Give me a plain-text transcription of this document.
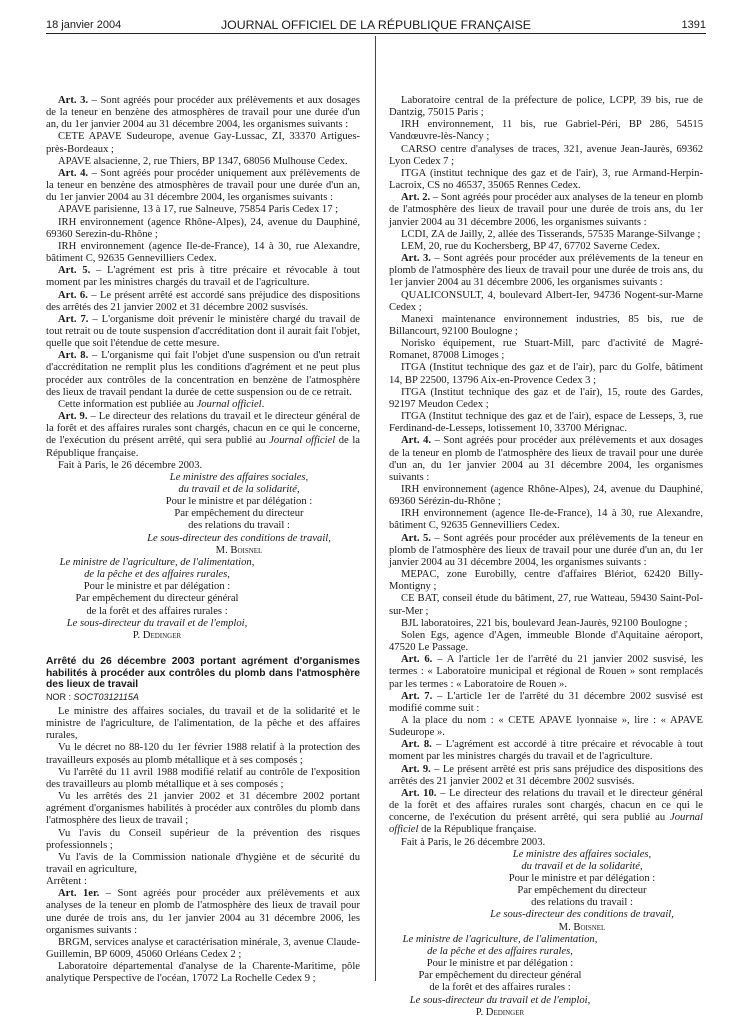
18 janvier 2004	JOURNAL OFFICIEL DE LA RÉPUBLIQUE FRANÇAISE	1391

Art. 3. – Sont agréés pour procéder aux prélèvements et aux dosages de la teneur en benzène des atmosphères de travail pour une durée d'un an, du 1er janvier 2004 au 31 décembre 2004, les organismes suivants :

CETE APAVE Sudeurope, avenue Gay-Lussac, ZI, 33370 Artigues-près-Bordeaux ;

APAVE alsacienne, 2, rue Thiers, BP 1347, 68056 Mulhouse Cedex.

Art. 4. – Sont agréés pour procéder uniquement aux prélèvements de la teneur en benzène des atmosphères de travail pour une durée d'un an, du 1er janvier 2004 au 31 décembre 2004, les organismes suivants :

APAVE parisienne, 13 à 17, rue Salneuve, 75854 Paris Cedex 17 ;

IRH environnement (agence Rhône-Alpes), 24, avenue du Dauphiné, 69360 Serezin-du-Rhône ;

IRH environnement (agence Ile-de-France), 14 à 30, rue Alexandre, bâtiment C, 92635 Gennevilliers Cedex.

Art. 5. – L'agrément est pris à titre précaire et révocable à tout moment par les ministres chargés du travail et de l'agriculture.

Art. 6. – Le présent arrêté est accordé sans préjudice des dispositions des arrêtés des 21 janvier 2002 et 31 décembre 2002 susvisés.

Art. 7. – L'organisme doit prévenir le ministère chargé du travail de tout retrait ou de toute suspension d'accréditation dont il aurait fait l'objet, quelle que soit l'étendue de cette mesure.

Art. 8. – L'organisme qui fait l'objet d'une suspension ou d'un retrait d'accréditation ne remplit plus les conditions d'agrément et ne peut plus procéder aux contrôles de la concentration en benzène de l'atmosphère des lieux de travail pendant la durée de cette suspension ou de ce retrait.

Cette information est publiée au Journal officiel.

Art. 9. – Le directeur des relations du travail et le directeur général de la forêt et des affaires rurales sont chargés, chacun en ce qui le concerne, de l'exécution du présent arrêté, qui sera publié au Journal officiel de la République française.

Fait à Paris, le 26 décembre 2003.

Le ministre des affaires sociales,
du travail et de la solidarité,
Pour le ministre et par délégation :
Par empêchement du directeur
des relations du travail :
Le sous-directeur des conditions de travail,
M. Boisnel
Le ministre de l'agriculture, de l'alimentation,
de la pêche et des affaires rurales,
Pour le ministre et par délégation :
Par empêchement du directeur général
de la forêt et des affaires rurales :
Le sous-directeur du travail et de l'emploi,
P. Dedinger

Arrêté du 26 décembre 2003 portant agrément d'organismes habilités à procéder aux contrôles du plomb dans l'atmosphère des lieux de travail

NOR : SOCT0312115A

Le ministre des affaires sociales, du travail et de la solidarité et le ministre de l'agriculture, de l'alimentation, de la pêche et des affaires rurales,

Vu le décret no 88-120 du 1er février 1988 relatif à la protection des travailleurs exposés au plomb métallique et à ses composés ;

Vu l'arrêté du 11 avril 1988 modifié relatif au contrôle de l'exposition des travailleurs au plomb métallique et à ses composés ;

Vu les arrêtés des 21 janvier 2002 et 31 décembre 2002 portant agrément d'organismes habilités à procéder aux contrôles du plomb dans l'atmosphère des lieux de travail ;

Vu l'avis du Conseil supérieur de la prévention des risques professionnels ;

Vu l'avis de la Commission nationale d'hygiène et de sécurité du travail en agriculture,

Arrêtent :

Art. 1er. – Sont agréés pour procéder aux prélèvements et aux analyses de la teneur en plomb de l'atmosphère des lieux de travail pour une durée de trois ans, du 1er janvier 2004 au 31 décembre 2006, les organismes suivants :

BRGM, services analyse et caractérisation minérale, 3, avenue Claude-Guillemin, BP 6009, 45060 Orléans Cedex 2 ;

Laboratoire départemental d'analyse de la Charente-Maritime, pôle analytique Perspective de l'océan, 17072 La Rochelle Cedex 9 ;

Laboratoire central de la préfecture de police, LCPP, 39 bis, rue de Dantzig, 75015 Paris ;

IRH environnement, 11 bis, rue Gabriel-Péri, BP 286, 54515 Vandœuvre-lès-Nancy ;

CARSO centre d'analyses de traces, 321, avenue Jean-Jaurès, 69362 Lyon Cedex 7 ;

ITGA (institut technique des gaz et de l'air), 3, rue Armand-Herpin-Lacroix, CS no 46537, 35065 Rennes Cedex.

Art. 2. – Sont agréés pour procéder aux analyses de la teneur en plomb de l'atmosphère des lieux de travail pour une durée de trois ans, du 1er janvier 2004 au 31 décembre 2006, les organismes suivants :

LCDI, ZA de Jailly, 2, allée des Tisserands, 57535 Marange-Silvange ;

LEM, 20, rue du Kochersberg, BP 47, 67702 Saverne Cedex.

Art. 3. – Sont agréés pour procéder aux prélèvements de la teneur en plomb de l'atmosphère des lieux de travail pour une durée de trois ans, du 1er janvier 2004 au 31 décembre 2006, les organismes suivants :

QUALICONSULT, 4, boulevard Albert-Ier, 94736 Nogent-sur-Marne Cedex ;

Manexi maintenance environnement industries, 85 bis, rue de Billancourt, 92100 Boulogne ;

Norisko équipement, rue Stuart-Mill, parc d'activité de Magré-Romanet, 87008 Limoges ;

ITGA (Institut technique des gaz et de l'air), parc du Golfe, bâtiment 14, BP 22500, 13796 Aix-en-Provence Cedex 3 ;

ITGA (Institut technique des gaz et de l'air), 15, route des Gardes, 92197 Meudon Cedex ;

ITGA (Institut technique des gaz et de l'air), espace de Lesseps, 3, rue Ferdinand-de-Lesseps, lotissement 10, 33700 Mérignac.

Art. 4. – Sont agréés pour procéder aux prélèvements et aux dosages de la teneur en plomb de l'atmosphère des lieux de travail pour une durée d'un an, du 1er janvier 2004 au 31 décembre 2004, les organismes suivants :

IRH environnement (agence Rhône-Alpes), 24, avenue du Dauphiné, 69360 Sérézin-du-Rhône ;

IRH environnement (agence Ile-de-France), 14 à 30, rue Alexandre, bâtiment C, 92635 Gennevilliers Cedex.

Art. 5. – Sont agréés pour procéder aux prélèvements de la teneur en plomb de l'atmosphère des lieux de travail pour une durée d'un an, du 1er janvier 2004 au 31 décembre 2004, les organismes suivants :

MEPAC, zone Eurobilly, centre d'affaires Blériot, 62420 Billy-Montigny ;

CE BAT, conseil étude du bâtiment, 27, rue Watteau, 59430 Saint-Pol-sur-Mer ;

BJL laboratoires, 221 bis, boulevard Jean-Jaurès, 92100 Boulogne ;

Solen Egs, agence d'Agen, immeuble Blonde d'Aquitaine aéroport, 47520 Le Passage.

Art. 6. – A l'article 1er de l'arrêté du 21 janvier 2002 susvisé, les termes : « Laboratoire municipal et régional de Rouen » sont remplacés par les termes : « Laboratoire de Rouen ».

Art. 7. – L'article 1er de l'arrêté du 31 décembre 2002 susvisé est modifié comme suit :

A la place du nom : « CETE APAVE lyonnaise », lire : « APAVE Sudeurope ».

Art. 8. – L'agrément est accordé à titre précaire et révocable à tout moment par les ministres chargés du travail et de l'agriculture.

Art. 9. – Le présent arrêté est pris sans préjudice des dispositions des arrêtés des 21 janvier 2002 et 31 décembre 2002 susvisés.

Art. 10. – Le directeur des relations du travail et le directeur général de la forêt et des affaires rurales sont chargés, chacun en ce qui le concerne, de l'exécution du présent arrêté, qui sera publié au Journal officiel de la République française.

Fait à Paris, le 26 décembre 2003.

Le ministre des affaires sociales,
du travail et de la solidarité,
Pour le ministre et par délégation :
Par empêchement du directeur
des relations du travail :
Le sous-directeur des conditions de travail,
M. Boisnel
Le ministre de l'agriculture, de l'alimentation,
de la pêche et des affaires rurales,
Pour le ministre et par délégation :
Par empêchement du directeur général
de la forêt et des affaires rurales :
Le sous-directeur du travail et de l'emploi,
P. Dedinger
